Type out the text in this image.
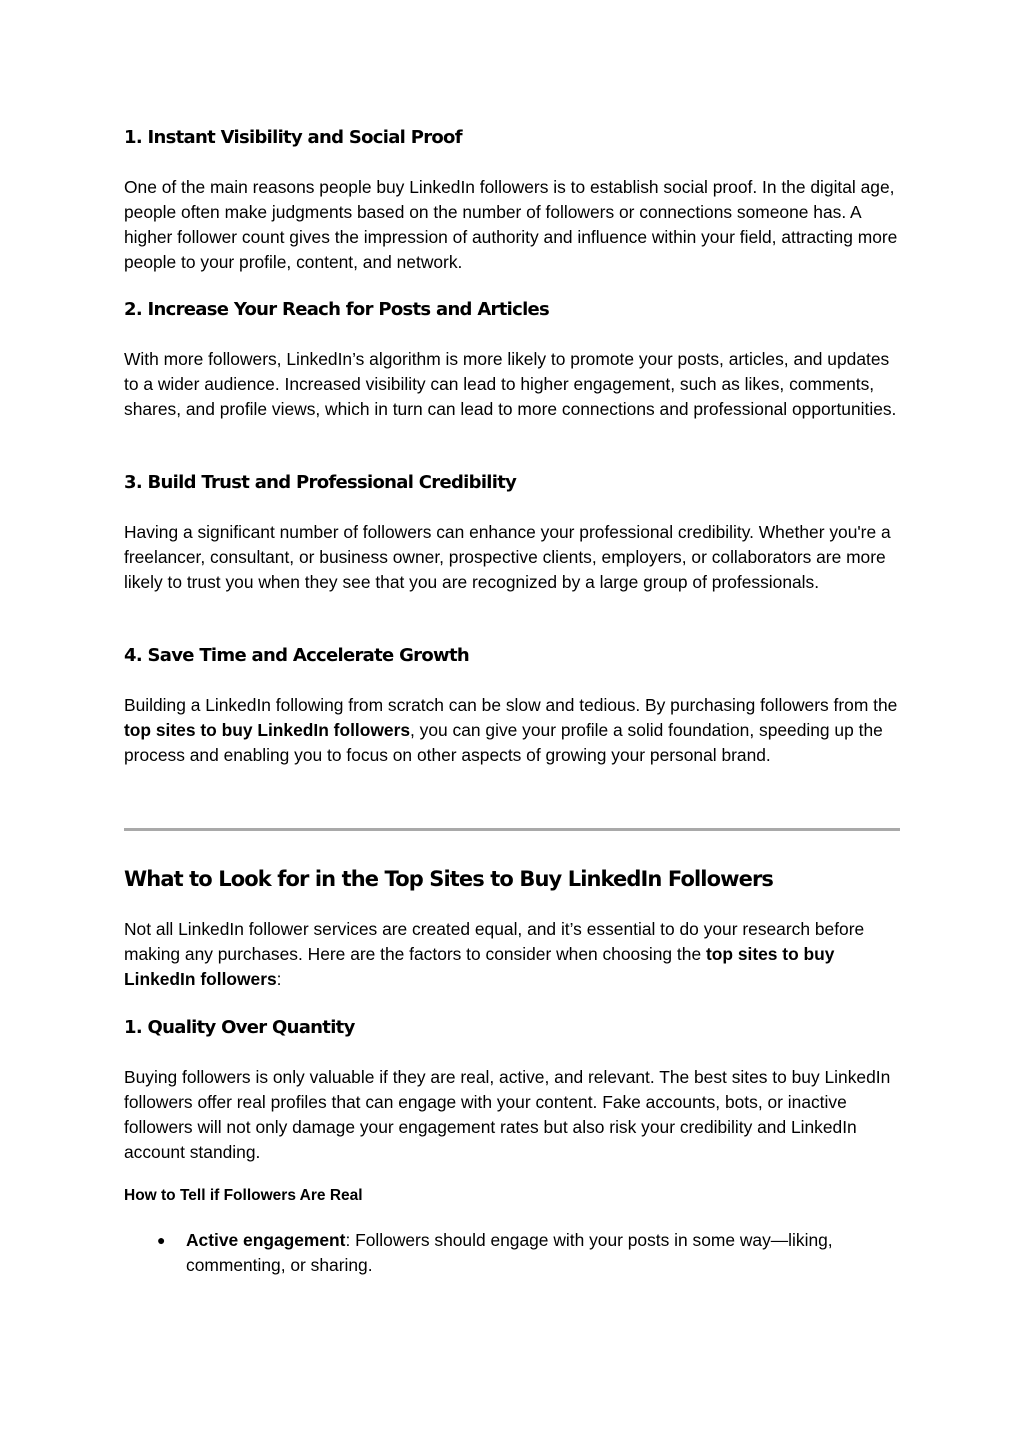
1. Instant Visibility and Social Proof

One of the main reasons people buy LinkedIn followers is to establish social proof. In the digital age, people often make judgments based on the number of followers or connections someone has. A higher follower count gives the impression of authority and influence within your field, attracting more people to your profile, content, and network.

2. Increase Your Reach for Posts and Articles

With more followers, LinkedIn’s algorithm is more likely to promote your posts, articles, and updates to a wider audience. Increased visibility can lead to higher engagement, such as likes, comments, shares, and profile views, which in turn can lead to more connections and professional opportunities.

3. Build Trust and Professional Credibility

Having a significant number of followers can enhance your professional credibility. Whether you're a freelancer, consultant, or business owner, prospective clients, employers, or collaborators are more likely to trust you when they see that you are recognized by a large group of professionals.

4. Save Time and Accelerate Growth

Building a LinkedIn following from scratch can be slow and tedious. By purchasing followers from the top sites to buy LinkedIn followers, you can give your profile a solid foundation, speeding up the process and enabling you to focus on other aspects of growing your personal brand.

What to Look for in the Top Sites to Buy LinkedIn Followers

Not all LinkedIn follower services are created equal, and it’s essential to do your research before making any purchases. Here are the factors to consider when choosing the top sites to buy LinkedIn followers:

1. Quality Over Quantity

Buying followers is only valuable if they are real, active, and relevant. The best sites to buy LinkedIn followers offer real profiles that can engage with your content. Fake accounts, bots, or inactive followers will not only damage your engagement rates but also risk your credibility and LinkedIn account standing.

How to Tell if Followers Are Real
● Active engagement: Followers should engage with your posts in some way—liking, commenting, or sharing.
